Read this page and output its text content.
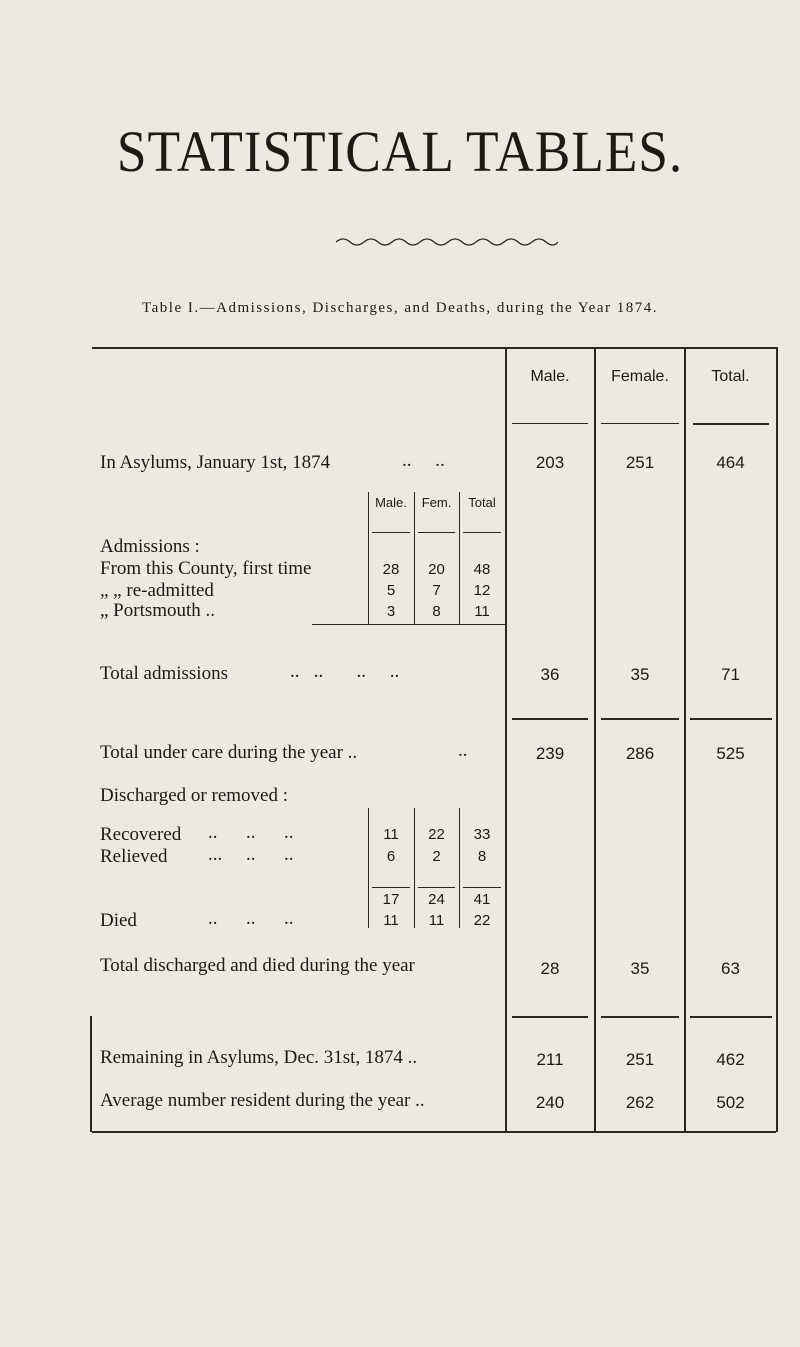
STATISTICAL TABLES.
Table I.—Admissions, Discharges, and Deaths, during the Year 1874.
Male.	Female.	Total.
In Asylums, January 1st, 1874	..     ..	203	251	464
Male.	Fem.	Total
Admissions :
From this County, first time	28	20	48
„ „ re-admitted	5	7	12
„ Portsmouth ..	3	8	11
Total admissions	..   ..       ..     ..	36	35	71
Total under care during the year ..	..	239	286	525
Discharged or removed :
Recovered ..      ..      ..	11	22	33
Relieved ...     ..      ..	6	2	8
17	24	41
Died	..      ..      ..	11	11	22
Total discharged and died during the year	28	35	63
Remaining in Asylums, Dec. 31st, 1874 ..	211	251	462
Average number resident during the year ..	240	262	502
